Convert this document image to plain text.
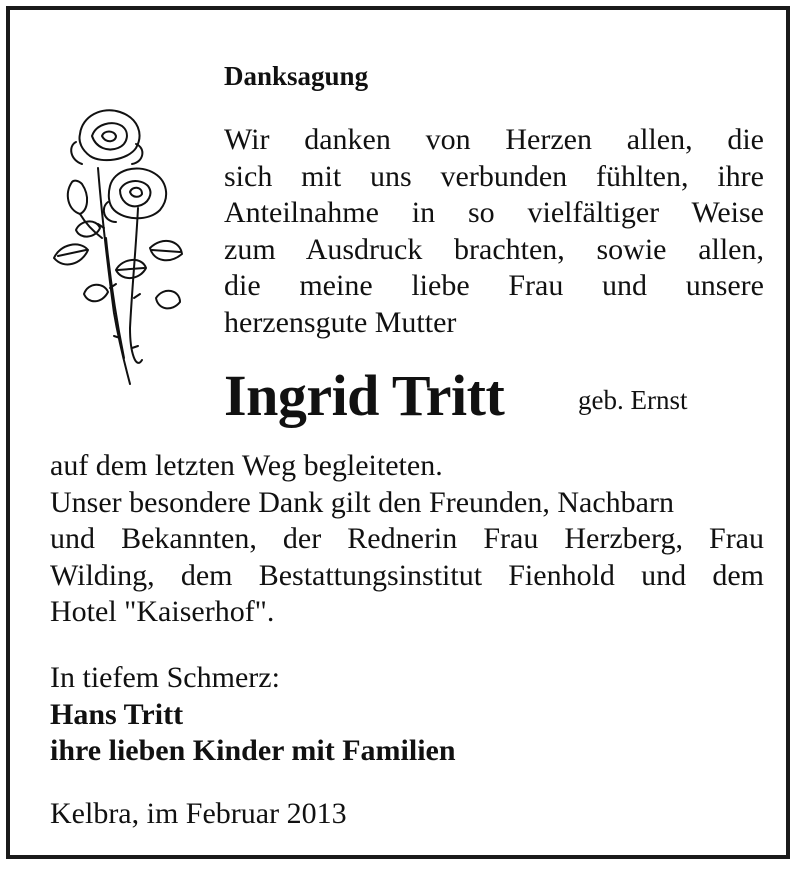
Danksagung
Wir danken von Herzen allen, die
sich mit uns verbunden fühlten, ihre
Anteilnahme in so vielfältiger Weise
zum Ausdruck brachten, sowie allen,
die meine liebe Frau und unsere
herzensgute Mutter
Ingrid Tritt	geb. Ernst
auf dem letzten Weg begleiteten.
Unser besondere Dank gilt den Freunden, Nachbarn
und Bekannten, der Rednerin Frau Herzberg, Frau
Wilding, dem Bestattungsinstitut Fienhold und dem
Hotel "Kaiserhof".
In tiefem Schmerz:
Hans Tritt
ihre lieben Kinder mit Familien
Kelbra, im Februar 2013
